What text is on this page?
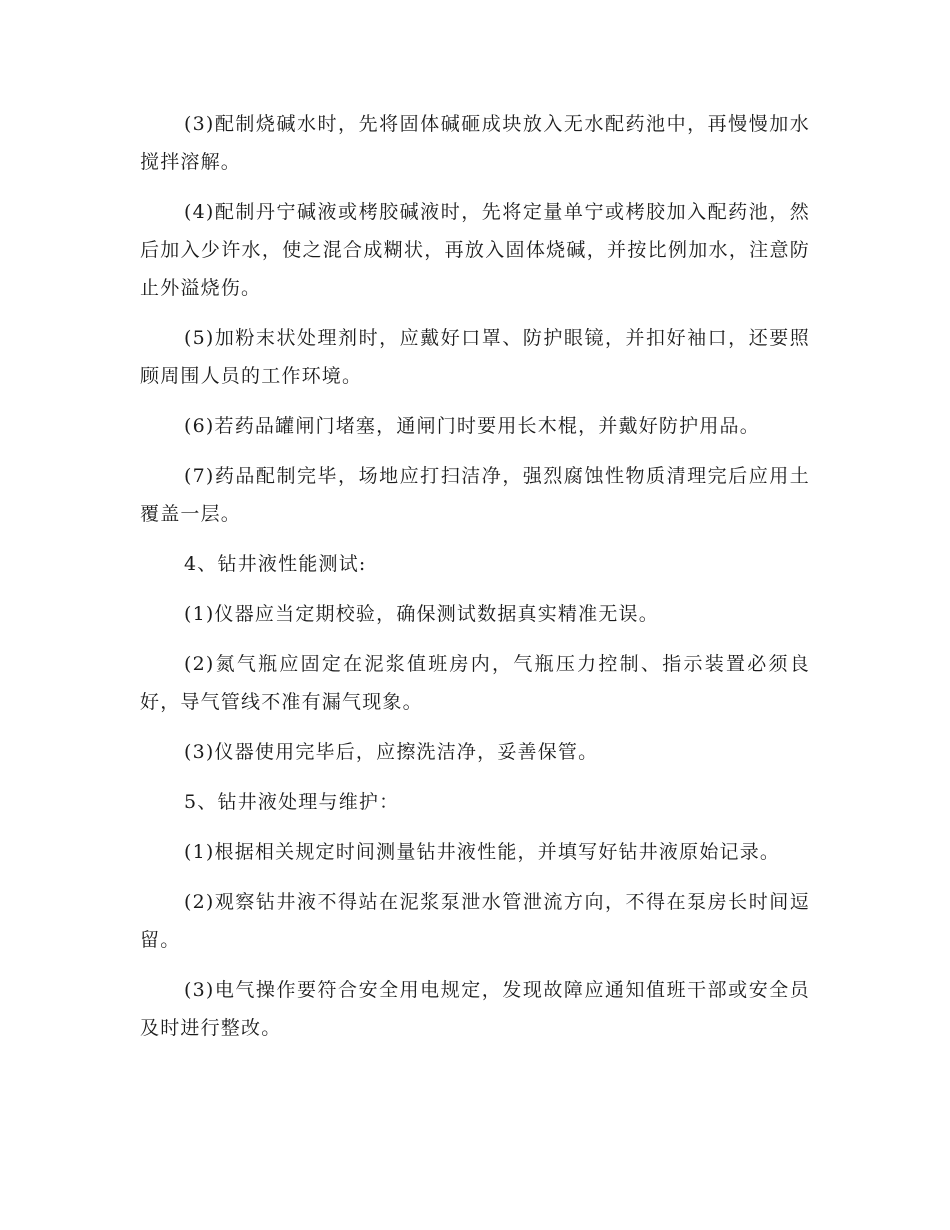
(3)配制烧碱水时，先将固体碱砸成块放入无水配药池中，再慢慢加水搅拌溶解。

(4)配制丹宁碱液或栲胶碱液时，先将定量单宁或栲胶加入配药池，然后加入少许水，使之混合成糊状，再放入固体烧碱，并按比例加水，注意防止外溢烧伤。

(5)加粉末状处理剂时，应戴好口罩、防护眼镜，并扣好袖口，还要照顾周围人员的工作环境。

(6)若药品罐闸门堵塞，通闸门时要用长木棍，并戴好防护用品。

(7)药品配制完毕，场地应打扫洁净，强烈腐蚀性物质清理完后应用土覆盖一层。

4、钻井液性能测试:

(1)仪器应当定期校验，确保测试数据真实精准无误。

(2)氮气瓶应固定在泥浆值班房内，气瓶压力控制、指示装置必须良好，导气管线不准有漏气现象。

(3)仪器使用完毕后，应擦洗洁净，妥善保管。

5、钻井液处理与维护：

(1)根据相关规定时间测量钻井液性能，并填写好钻井液原始记录。

(2)观察钻井液不得站在泥浆泵泄水管泄流方向，不得在泵房长时间逗留。

(3)电气操作要符合安全用电规定，发现故障应通知值班干部或安全员及时进行整改。
